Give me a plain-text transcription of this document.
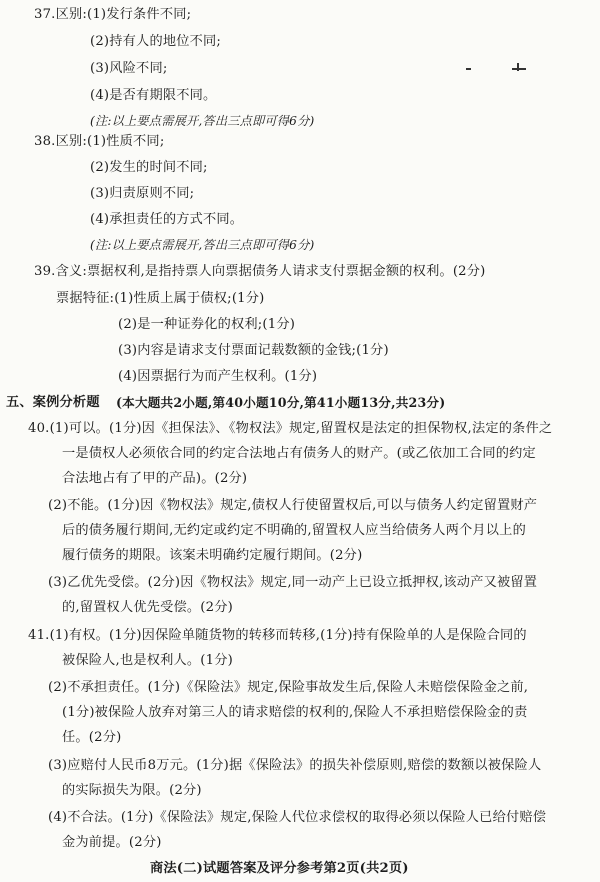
37.区别:(1)发行条件不同;
(2)持有人的地位不同;
(3)风险不同;
(4)是否有期限不同。
(注:以上要点需展开,答出三点即可得6分)
38.区别:(1)性质不同;
(2)发生的时间不同;
(3)归责原则不同;
(4)承担责任的方式不同。
(注:以上要点需展开,答出三点即可得6分)
39.含义:票据权利,是指持票人向票据债务人请求支付票据金额的权利。(2分)
票据特征:(1)性质上属于债权;(1分)
(2)是一种证券化的权利;(1分)
(3)内容是请求支付票面记载数额的金钱;(1分)
(4)因票据行为而产生权利。(1分)
五、案例分析题 (本大题共2小题,第40小题10分,第41小题13分,共23分)
40.(1)可以。(1分)因《担保法》、《物权法》规定,留置权是法定的担保物权,法定的条件之
一是债权人必须依合同的约定合法地占有债务人的财产。(或乙依加工合同的约定
合法地占有了甲的产品)。(2分)
(2)不能。(1分)因《物权法》规定,债权人行使留置权后,可以与债务人约定留置财产
后的债务履行期间,无约定或约定不明确的,留置权人应当给债务人两个月以上的
履行债务的期限。该案未明确约定履行期间。(2分)
(3)乙优先受偿。(2分)因《物权法》规定,同一动产上已设立抵押权,该动产又被留置
的,留置权人优先受偿。(2分)
41.(1)有权。(1分)因保险单随货物的转移而转移,(1分)持有保险单的人是保险合同的
被保险人,也是权利人。(1分)
(2)不承担责任。(1分)《保险法》规定,保险事故发生后,保险人未赔偿保险金之前,
(1分)被保险人放弃对第三人的请求赔偿的权利的,保险人不承担赔偿保险金的责
任。(2分)
(3)应赔付人民币8万元。(1分)据《保险法》的损失补偿原则,赔偿的数额以被保险人
的实际损失为限。(2分)
(4)不合法。(1分)《保险法》规定,保险人代位求偿权的取得必须以保险人已给付赔偿
金为前提。(2分)
商法(二)试题答案及评分参考第2页(共2页)
